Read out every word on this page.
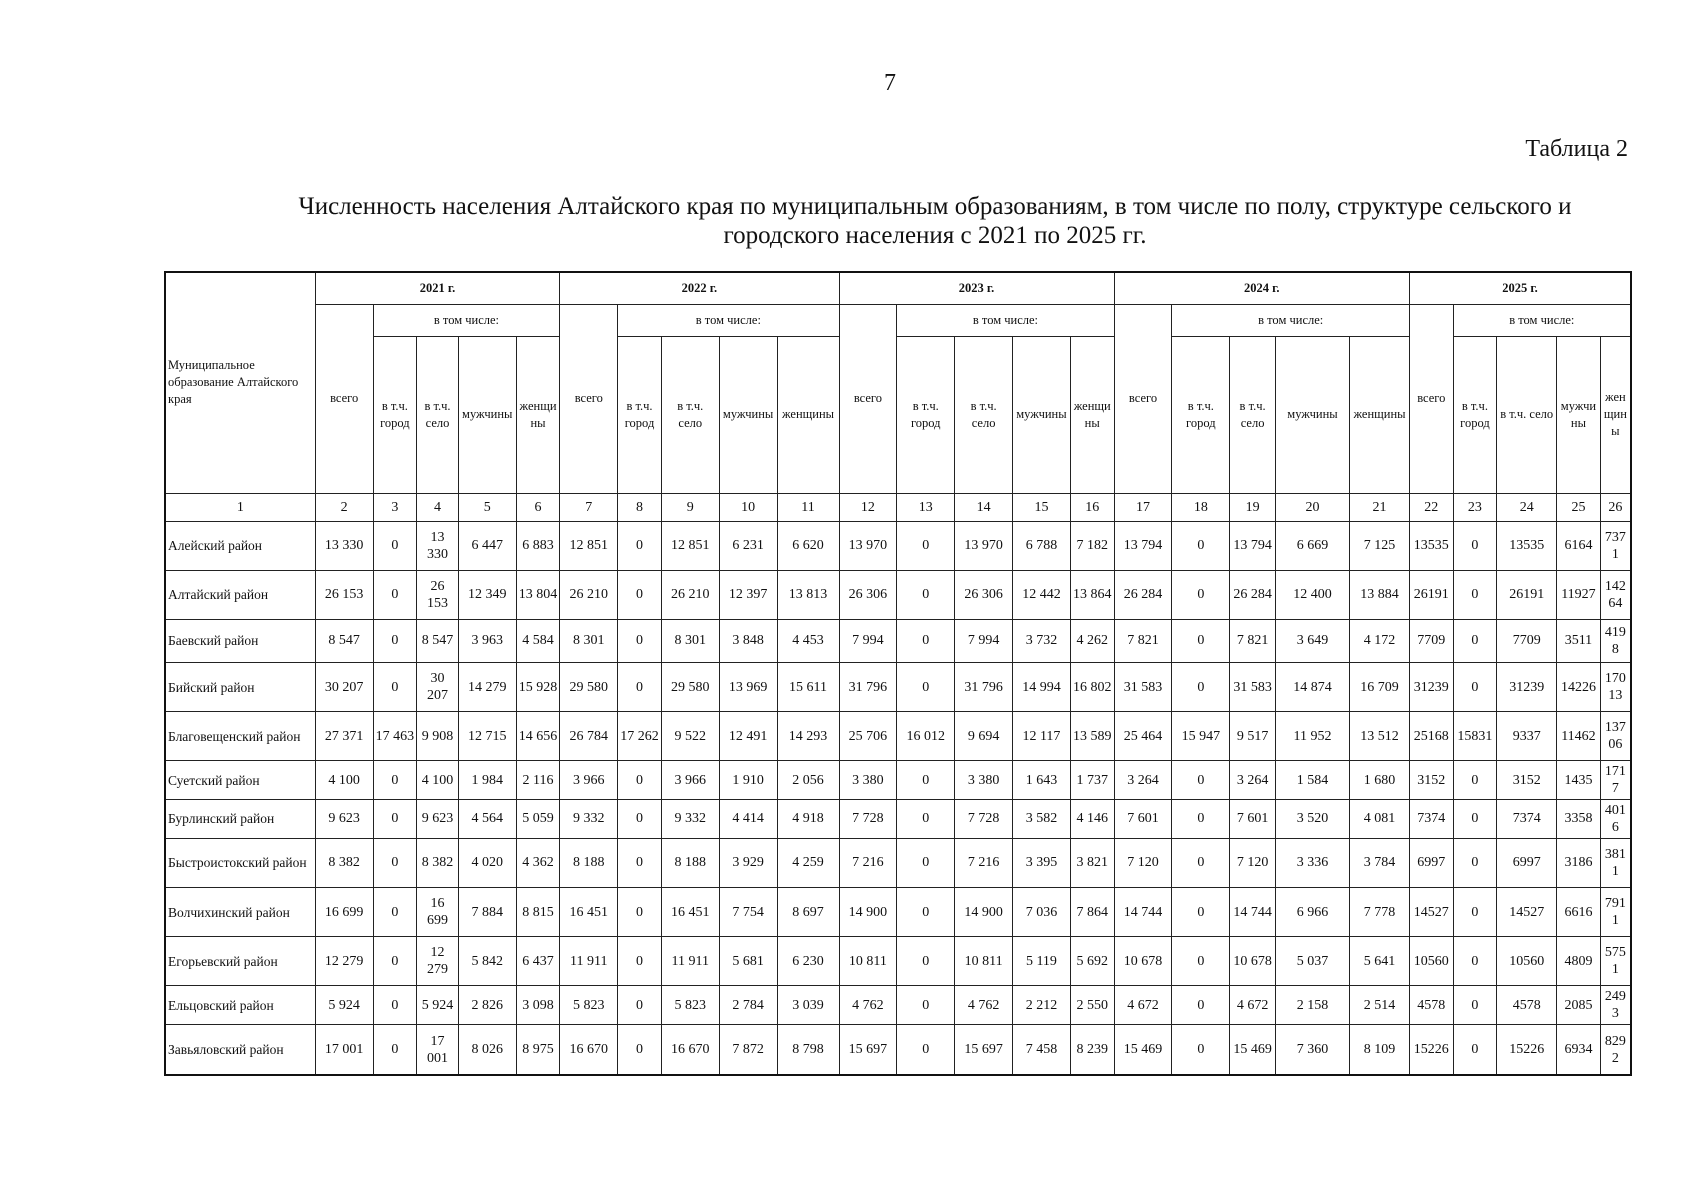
7
Таблица 2
Численность населения Алтайского края по муниципальным образованиям, в том числе по полу, структуре сельского и городского населения с 2021 по 2025 гг.
Муниципальное образование Алтайского края	2021 г.					2022 г.					2023 г.					2024 г.					2025 г.				
	всего	в том числе:				всего	в том числе:				всего	в том числе:				всего	в том числе:				всего	в том числе:			
		в т.ч. город	в т.ч. село	мужчины	женщины		в т.ч. город	в т.ч. село	мужчины	женщины		в т.ч. город	в т.ч. село	мужчины	женщины		в т.ч. город	в т.ч. село	мужчины	женщины		в т.ч. город	в т.ч. село	мужчины	женщины
1	2	3	4	5	6	7	8	9	10	11	12	13	14	15	16	17	18	19	20	21	22	23	24	25	26
Алейский район	13 330	0	13 330	6 447	6 883	12 851	0	12 851	6 231	6 620	13 970	0	13 970	6 788	7 182	13 794	0	13 794	6 669	7 125	13535	0	13535	6164	7371
Алтайский район	26 153	0	26 153	12 349	13 804	26 210	0	26 210	12 397	13 813	26 306	0	26 306	12 442	13 864	26 284	0	26 284	12 400	13 884	26191	0	26191	11927	14264
Баевский район	8 547	0	8 547	3 963	4 584	8 301	0	8 301	3 848	4 453	7 994	0	7 994	3 732	4 262	7 821	0	7 821	3 649	4 172	7709	0	7709	3511	4198
Бийский район	30 207	0	30 207	14 279	15 928	29 580	0	29 580	13 969	15 611	31 796	0	31 796	14 994	16 802	31 583	0	31 583	14 874	16 709	31239	0	31239	14226	17013
Благовещенский район	27 371	17 463	9 908	12 715	14 656	26 784	17 262	9 522	12 491	14 293	25 706	16 012	9 694	12 117	13 589	25 464	15 947	9 517	11 952	13 512	25168	15831	9337	11462	13706
Суетский район	4 100	0	4 100	1 984	2 116	3 966	0	3 966	1 910	2 056	3 380	0	3 380	1 643	1 737	3 264	0	3 264	1 584	1 680	3152	0	3152	1435	1717
Бурлинский район	9 623	0	9 623	4 564	5 059	9 332	0	9 332	4 414	4 918	7 728	0	7 728	3 582	4 146	7 601	0	7 601	3 520	4 081	7374	0	7374	3358	4016
Быстроистокский район	8 382	0	8 382	4 020	4 362	8 188	0	8 188	3 929	4 259	7 216	0	7 216	3 395	3 821	7 120	0	7 120	3 336	3 784	6997	0	6997	3186	3811
Волчихинский район	16 699	0	16 699	7 884	8 815	16 451	0	16 451	7 754	8 697	14 900	0	14 900	7 036	7 864	14 744	0	14 744	6 966	7 778	14527	0	14527	6616	7911
Егорьевский район	12 279	0	12 279	5 842	6 437	11 911	0	11 911	5 681	6 230	10 811	0	10 811	5 119	5 692	10 678	0	10 678	5 037	5 641	10560	0	10560	4809	5751
Ельцовский район	5 924	0	5 924	2 826	3 098	5 823	0	5 823	2 784	3 039	4 762	0	4 762	2 212	2 550	4 672	0	4 672	2 158	2 514	4578	0	4578	2085	2493
Завьяловский район	17 001	0	17 001	8 026	8 975	16 670	0	16 670	7 872	8 798	15 697	0	15 697	7 458	8 239	15 469	0	15 469	7 360	8 109	15226	0	15226	6934	8292
